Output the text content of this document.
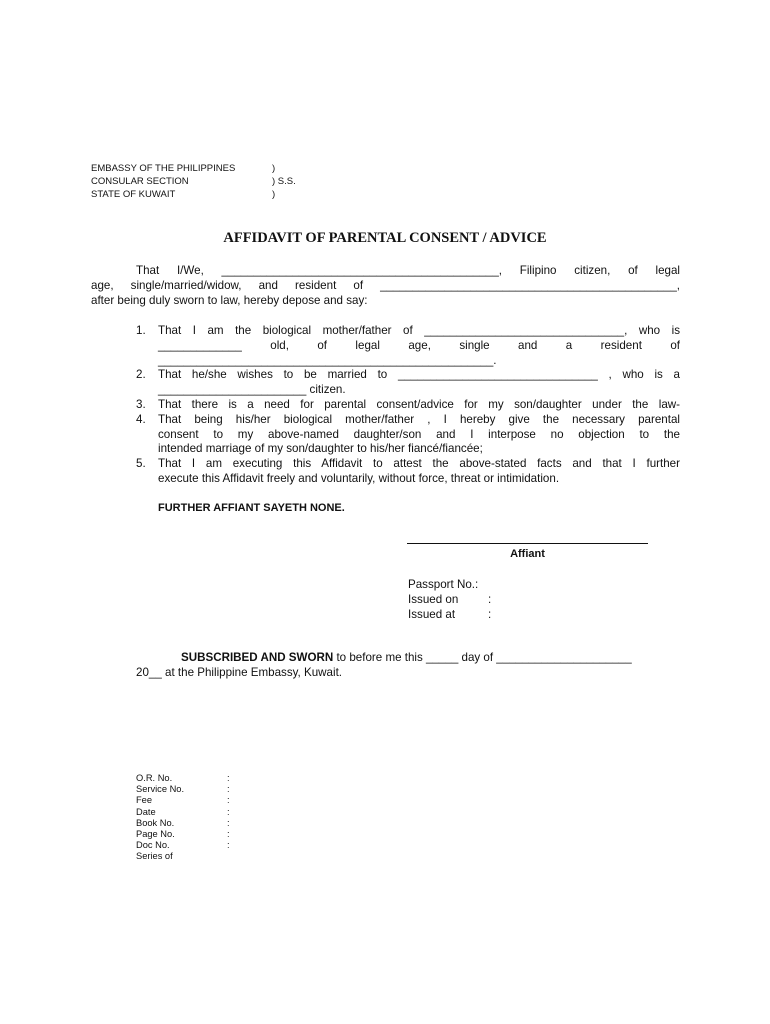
EMBASSY OF THE PHILIPPINES	)
CONSULAR SECTION	) S.S.
STATE OF KUWAIT	)
AFFIDAVIT OF PARENTAL CONSENT / ADVICE
That I/We, ___________________________________________, Filipino citizen, of legal
age, single/married/widow, and resident of ______________________________________________,
after being duly sworn to law, hereby depose and say:
1.	That I am the biological mother/father of _______________________________, who is
_____________ old, of legal age, single and a resident of
____________________________________________________.
2.	That he/she wishes to be married to _______________________________ , who is a
_______________________ citizen.
3.	That there is a need for parental consent/advice for my son/daughter under the law-
4.	That being his/her biological mother/father , I hereby give the necessary parental
consent to my above-named daughter/son and I interpose no objection to the
intended marriage of my son/daughter to his/her fiancé/fiancée;
5.	That I am executing this Affidavit to attest the above-stated facts and that I further
execute this Affidavit freely and voluntarily, without force, threat or intimidation.
FURTHER AFFIANT SAYETH NONE.
Affiant
Passport No.:
Issued on	:
Issued at	:
SUBSCRIBED AND SWORN to before me this _____ day of _____________________
20__ at the Philippine Embassy, Kuwait.
O.R. No.	:
Service No.	:
Fee	:
Date	:
Book No.	:
Page No.	:
Doc No.	:
Series of
